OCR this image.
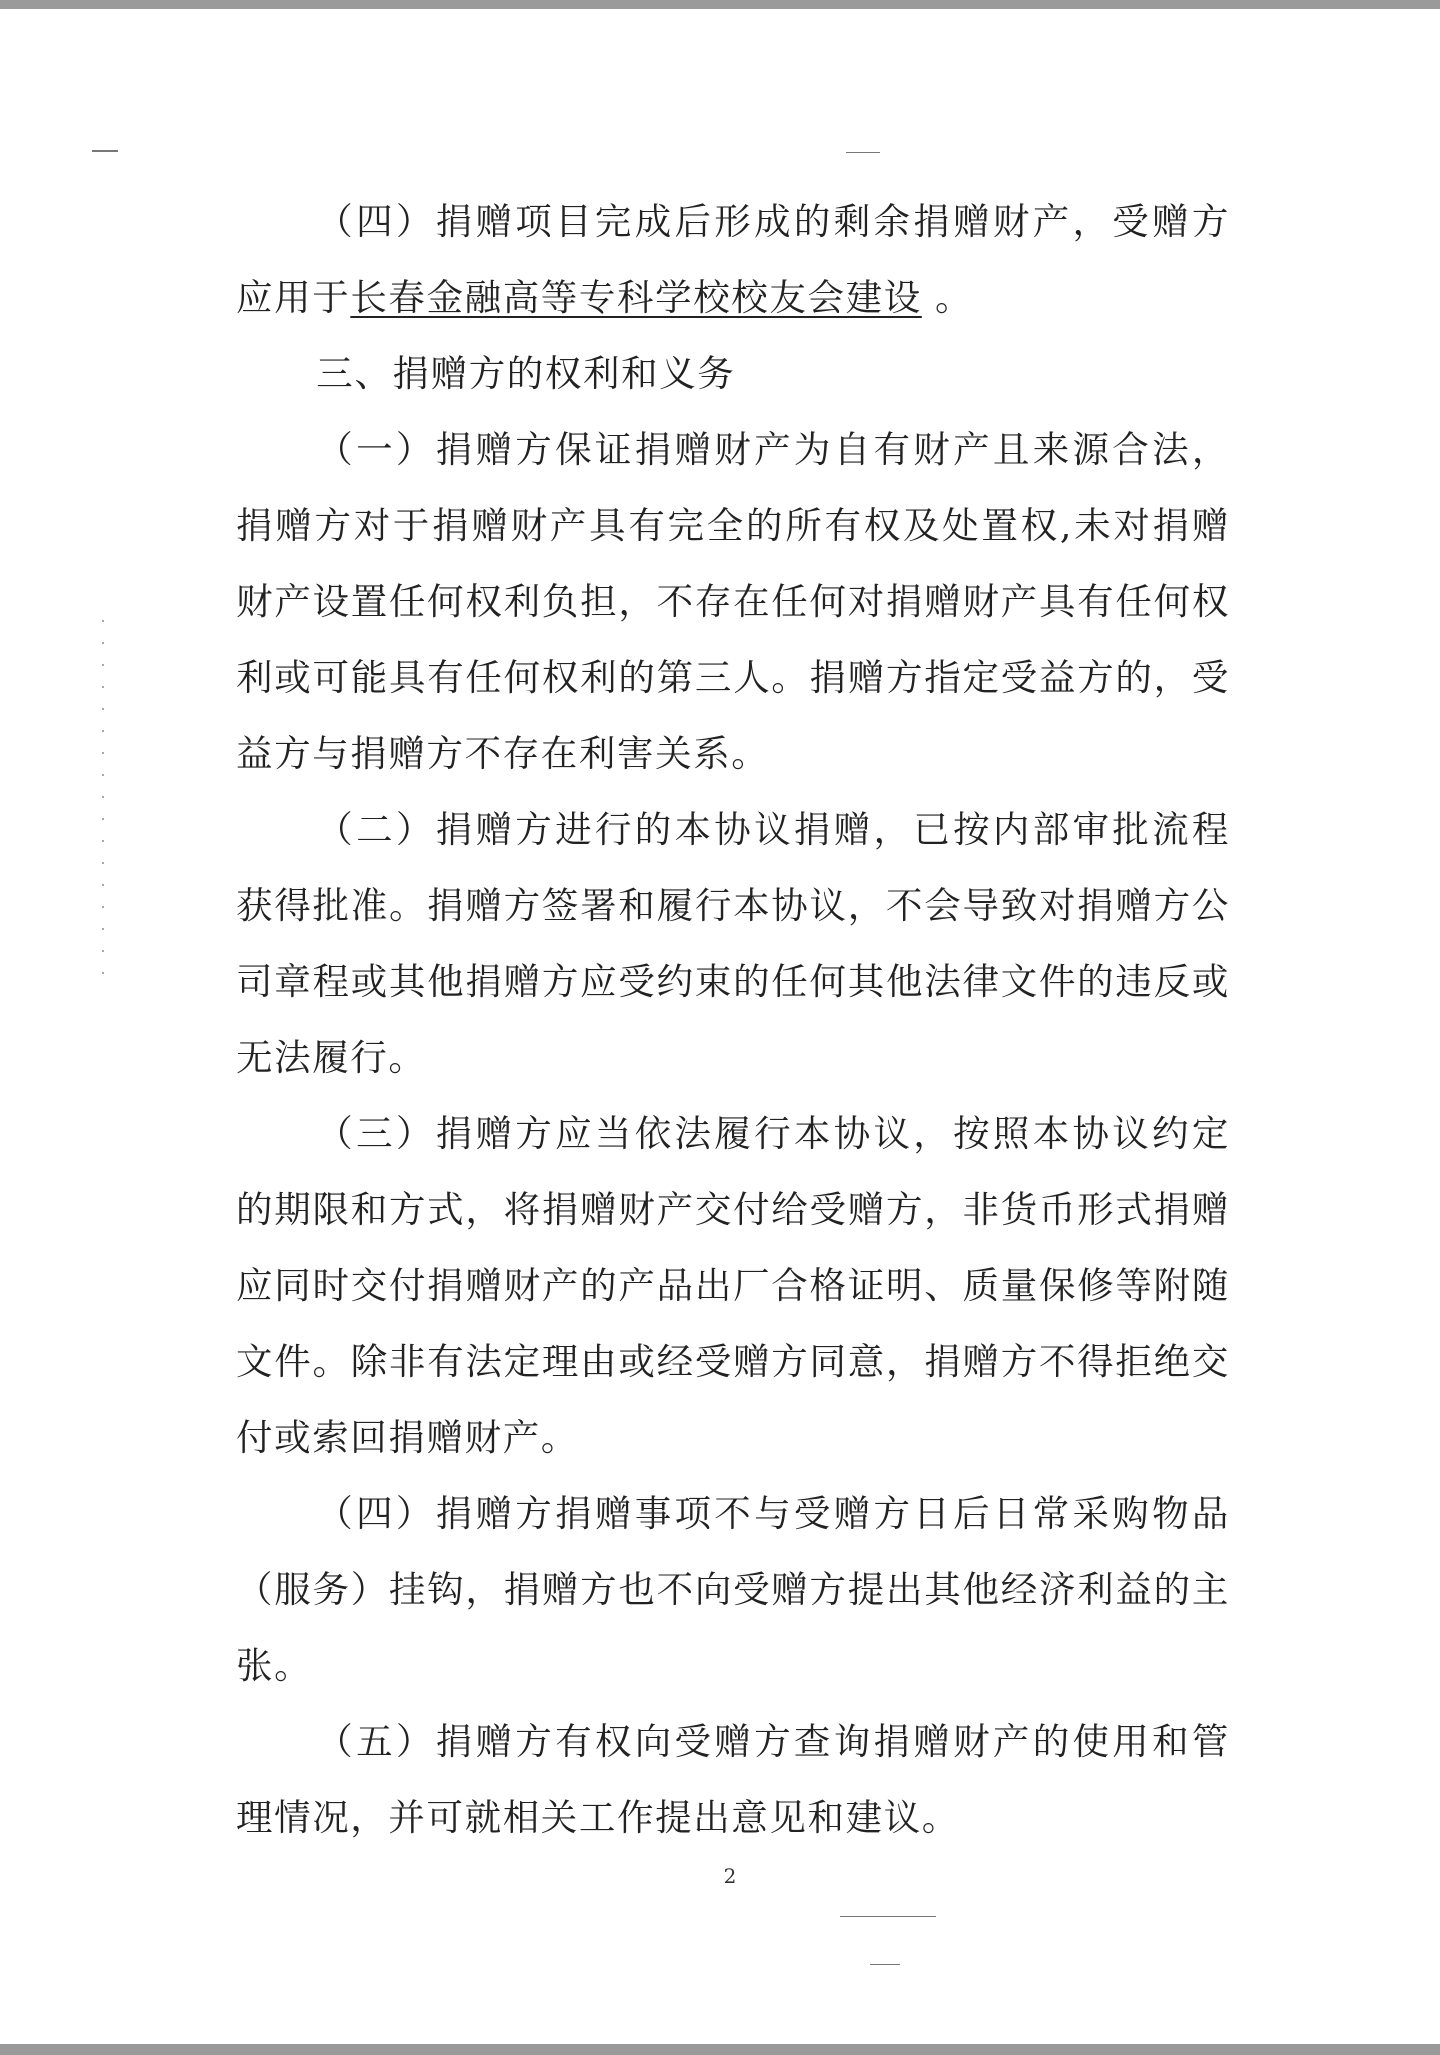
（四）捐赠项目完成后形成的剩余捐赠财产，受赠方应用于长春金融高等专科学校校友会建设 。

三、捐赠方的权利和义务

（一）捐赠方保证捐赠财产为自有财产且来源合法，捐赠方对于捐赠财产具有完全的所有权及处置权,未对捐赠财产设置任何权利负担，不存在任何对捐赠财产具有任何权利或可能具有任何权利的第三人。捐赠方指定受益方的，受益方与捐赠方不存在利害关系。

（二）捐赠方进行的本协议捐赠，已按内部审批流程获得批准。捐赠方签署和履行本协议，不会导致对捐赠方公司章程或其他捐赠方应受约束的任何其他法律文件的违反或无法履行。

（三）捐赠方应当依法履行本协议，按照本协议约定的期限和方式，将捐赠财产交付给受赠方，非货币形式捐赠应同时交付捐赠财产的产品出厂合格证明、质量保修等附随文件。除非有法定理由或经受赠方同意，捐赠方不得拒绝交付或索回捐赠财产。

（四）捐赠方捐赠事项不与受赠方日后日常采购物品（服务）挂钩，捐赠方也不向受赠方提出其他经济利益的主张。

（五）捐赠方有权向受赠方查询捐赠财产的使用和管理情况，并可就相关工作提出意见和建议。

2
